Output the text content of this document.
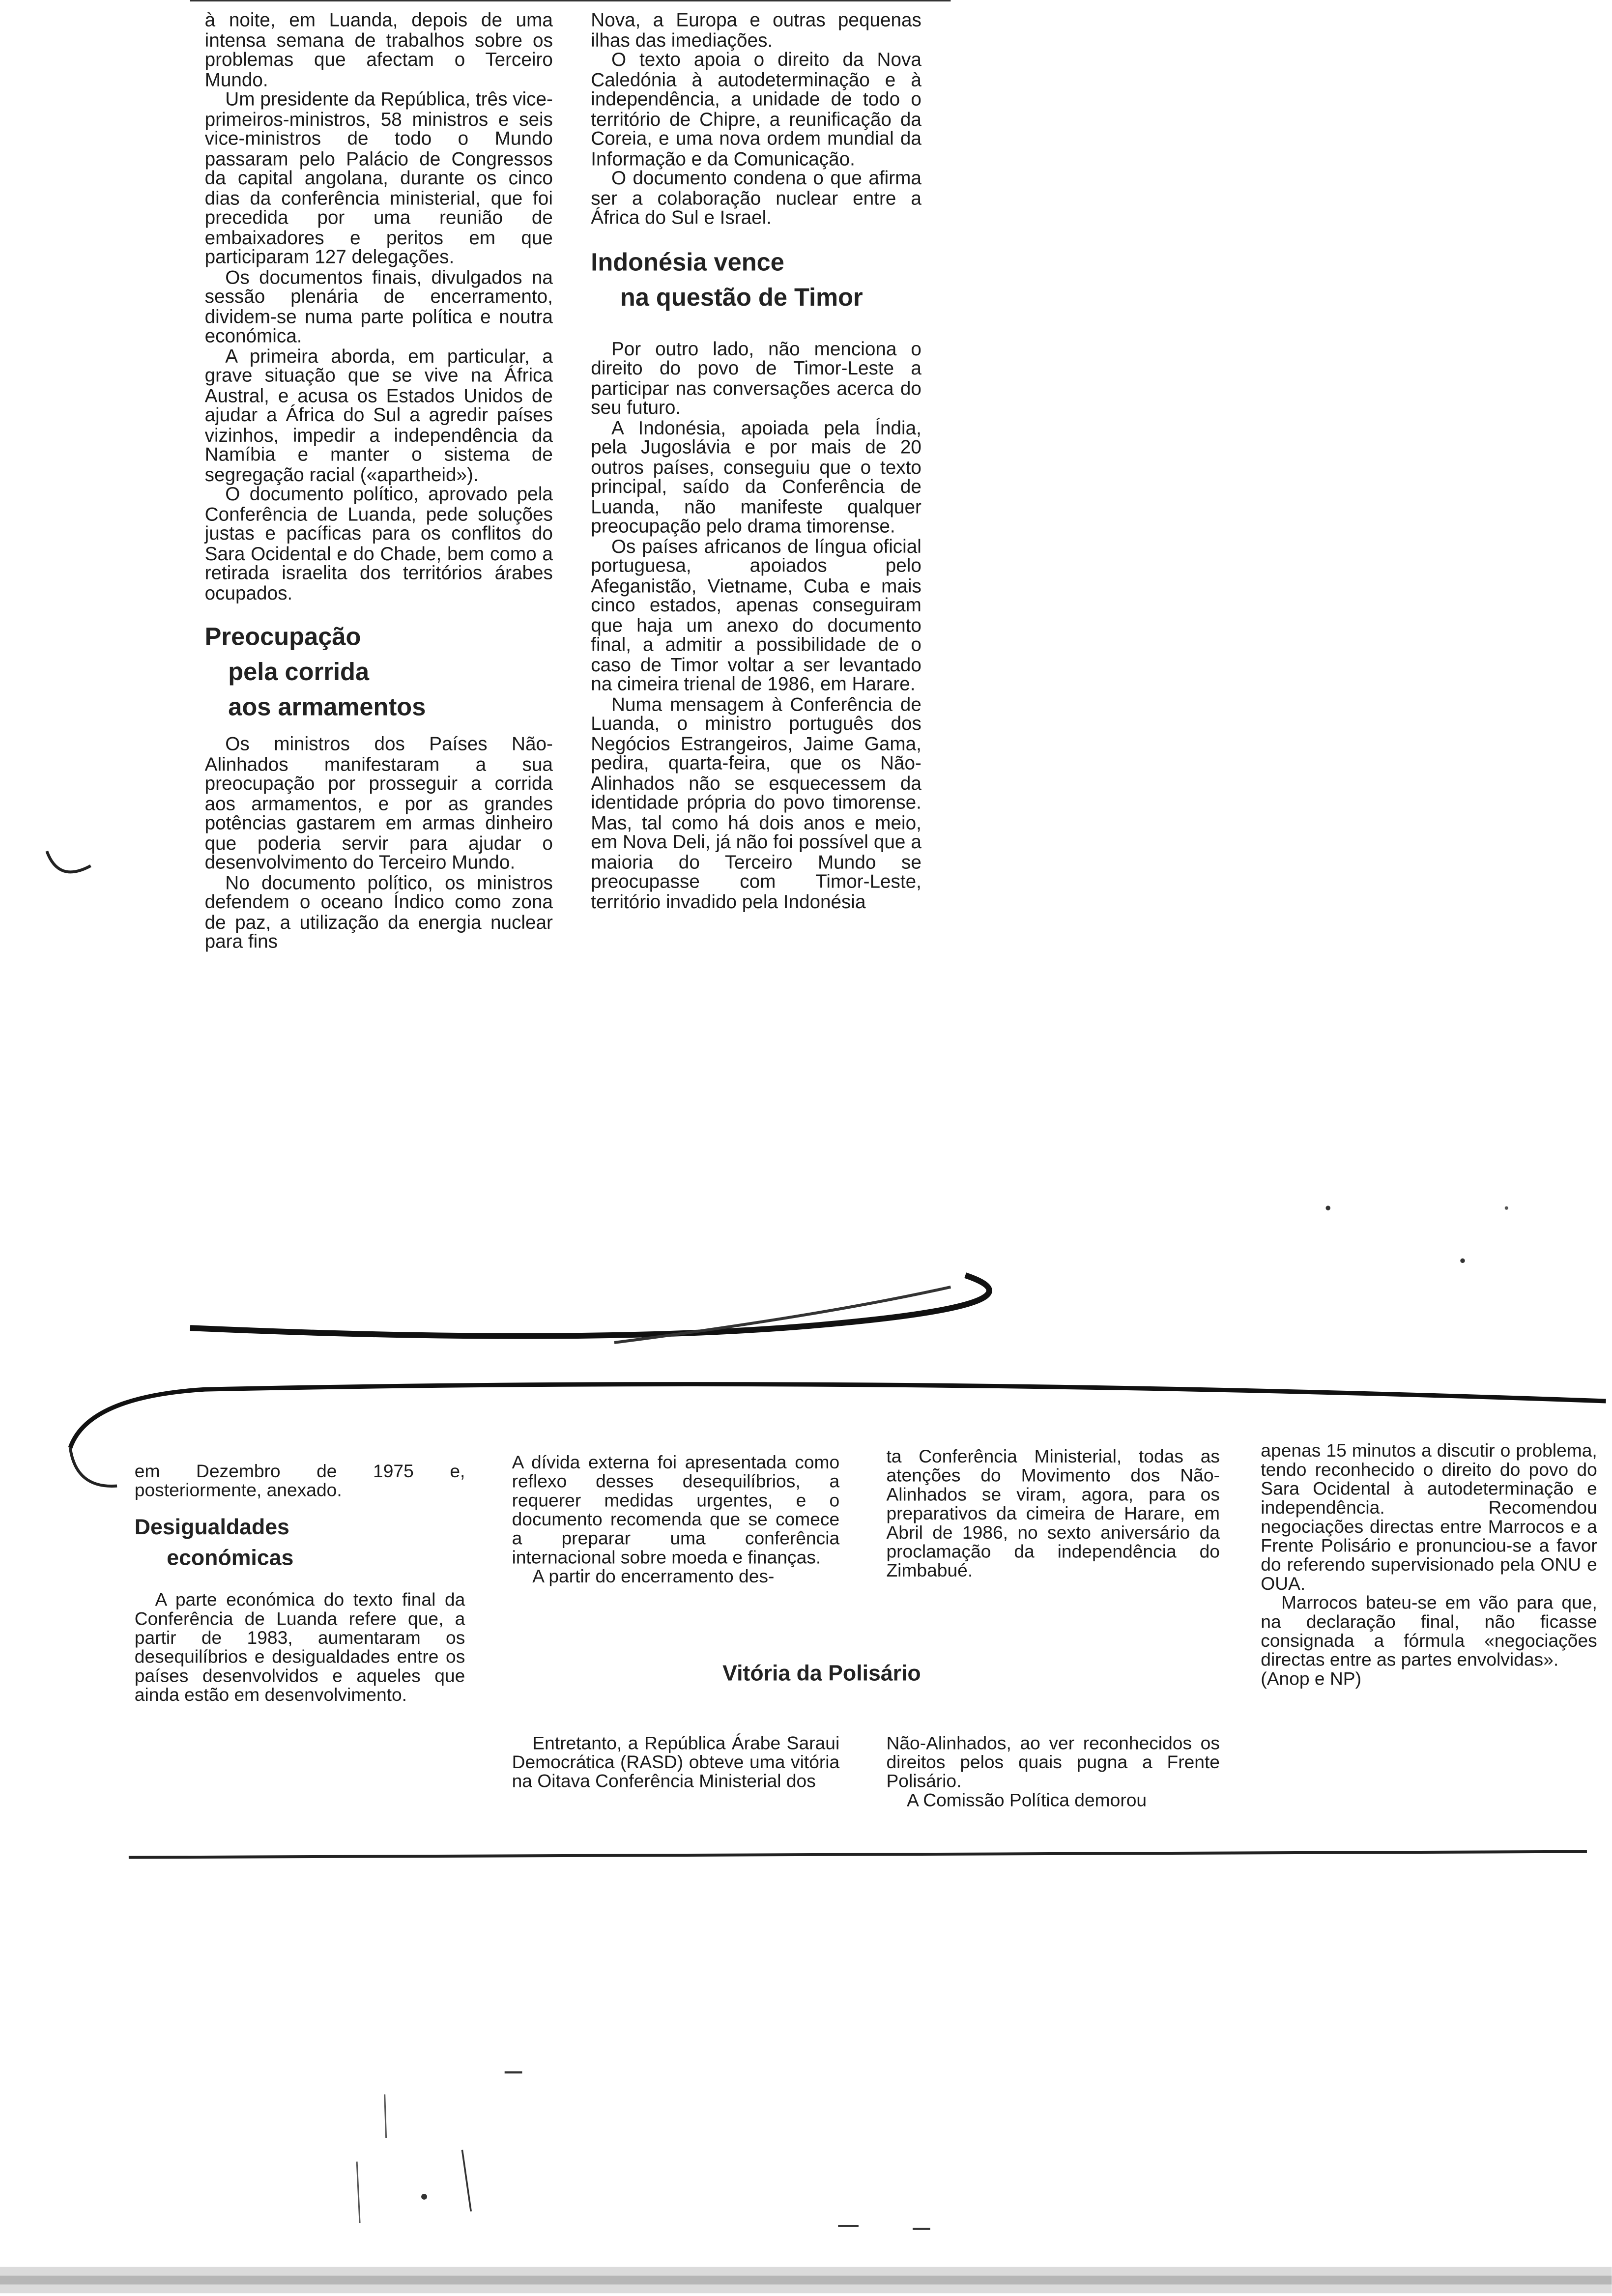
à noite, em Luanda, depois de uma intensa semana de trabalhos sobre os problemas que afectam o Terceiro Mundo.

Um presidente da República, três vice-primeiros-ministros, 58 ministros e seis vice-ministros de todo o Mundo passaram pelo Palácio de Congressos da capital angolana, durante os cinco dias da conferência ministerial, que foi precedida por uma reunião de embaixadores e peritos em que participaram 127 delegações.

Os documentos finais, divulgados na sessão plenária de encerramento, dividem-se numa parte política e noutra económica.

A primeira aborda, em particular, a grave situação que se vive na África Austral, e acusa os Estados Unidos de ajudar a África do Sul a agredir países vizinhos, impedir a independência da Namíbia e manter o sistema de segregação racial («apartheid»).

O documento político, aprovado pela Conferência de Luanda, pede soluções justas e pacíficas para os conflitos do Sara Ocidental e do Chade, bem como a retirada israelita dos territórios árabes ocupados.

Preocupação
pela corrida
aos armamentos

Os ministros dos Países Não-Alinhados manifestaram a sua preocupação por prosseguir a corrida aos armamentos, e por as grandes potências gastarem em armas dinheiro que poderia servir para ajudar o desenvolvimento do Terceiro Mundo.

No documento político, os ministros defendem o oceano Índico como zona de paz, a utilização da energia nuclear para fins

Nova, a Europa e outras pequenas ilhas das imediações.

O texto apoia o direito da Nova Caledónia à autodeterminação e à independência, a unidade de todo o território de Chipre, a reunificação da Coreia, e uma nova ordem mundial da Informação e da Comunicação.

O documento condena o que afirma ser a colaboração nuclear entre a África do Sul e Israel.

Indonésia vence
na questão de Timor

Por outro lado, não menciona o direito do povo de Timor-Leste a participar nas conversações acerca do seu futuro.

A Indonésia, apoiada pela Índia, pela Jugoslávia e por mais de 20 outros países, conseguiu que o texto principal, saído da Conferência de Luanda, não manifeste qualquer preocupação pelo drama timorense.

Os países africanos de língua oficial portuguesa, apoiados pelo Afeganistão, Vietname, Cuba e mais cinco estados, apenas conseguiram que haja um anexo do documento final, a admitir a possibilidade de o caso de Timor voltar a ser levantado na cimeira trienal de 1986, em Harare.

Numa mensagem à Conferência de Luanda, o ministro português dos Negócios Estrangeiros, Jaime Gama, pedira, quarta-feira, que os Não-Alinhados não se esquecessem da identidade própria do povo timorense. Mas, tal como há dois anos e meio, em Nova Deli, já não foi possível que a maioria do Terceiro Mundo se preocupasse com Timor-Leste, território invadido pela Indonésia

em Dezembro de 1975 e, posteriormente, anexado.

Desigualdades
económicas

A parte económica do texto final da Conferência de Luanda refere que, a partir de 1983, aumentaram os desequilíbrios e desigualdades entre os países desenvolvidos e aqueles que ainda estão em desenvolvimento.

A dívida externa foi apresentada como reflexo desses desequilíbrios, a requerer medidas urgentes, e o documento recomenda que se comece a preparar uma conferência internacional sobre moeda e finanças.

A partir do encerramento des-

Vitória da Polisário

Entretanto, a República Árabe Saraui Democrática (RASD) obteve uma vitória na Oitava Conferência Ministerial dos

ta Conferência Ministerial, todas as atenções do Movimento dos Não-Alinhados se viram, agora, para os preparativos da cimeira de Harare, em Abril de 1986, no sexto aniversário da proclamação da independência do Zimbabué.

Não-Alinhados, ao ver reconhecidos os direitos pelos quais pugna a Frente Polisário.

A Comissão Política demorou

apenas 15 minutos a discutir o problema, tendo reconhecido o direito do povo do Sara Ocidental à autodeterminação e independência. Recomendou negociações directas entre Marrocos e a Frente Polisário e pronunciou-se a favor do referendo supervisionado pela ONU e OUA.

Marrocos bateu-se em vão para que, na declaração final, não ficasse consignada a fórmula «negociações directas entre as partes envolvidas».

(Anop e NP)
